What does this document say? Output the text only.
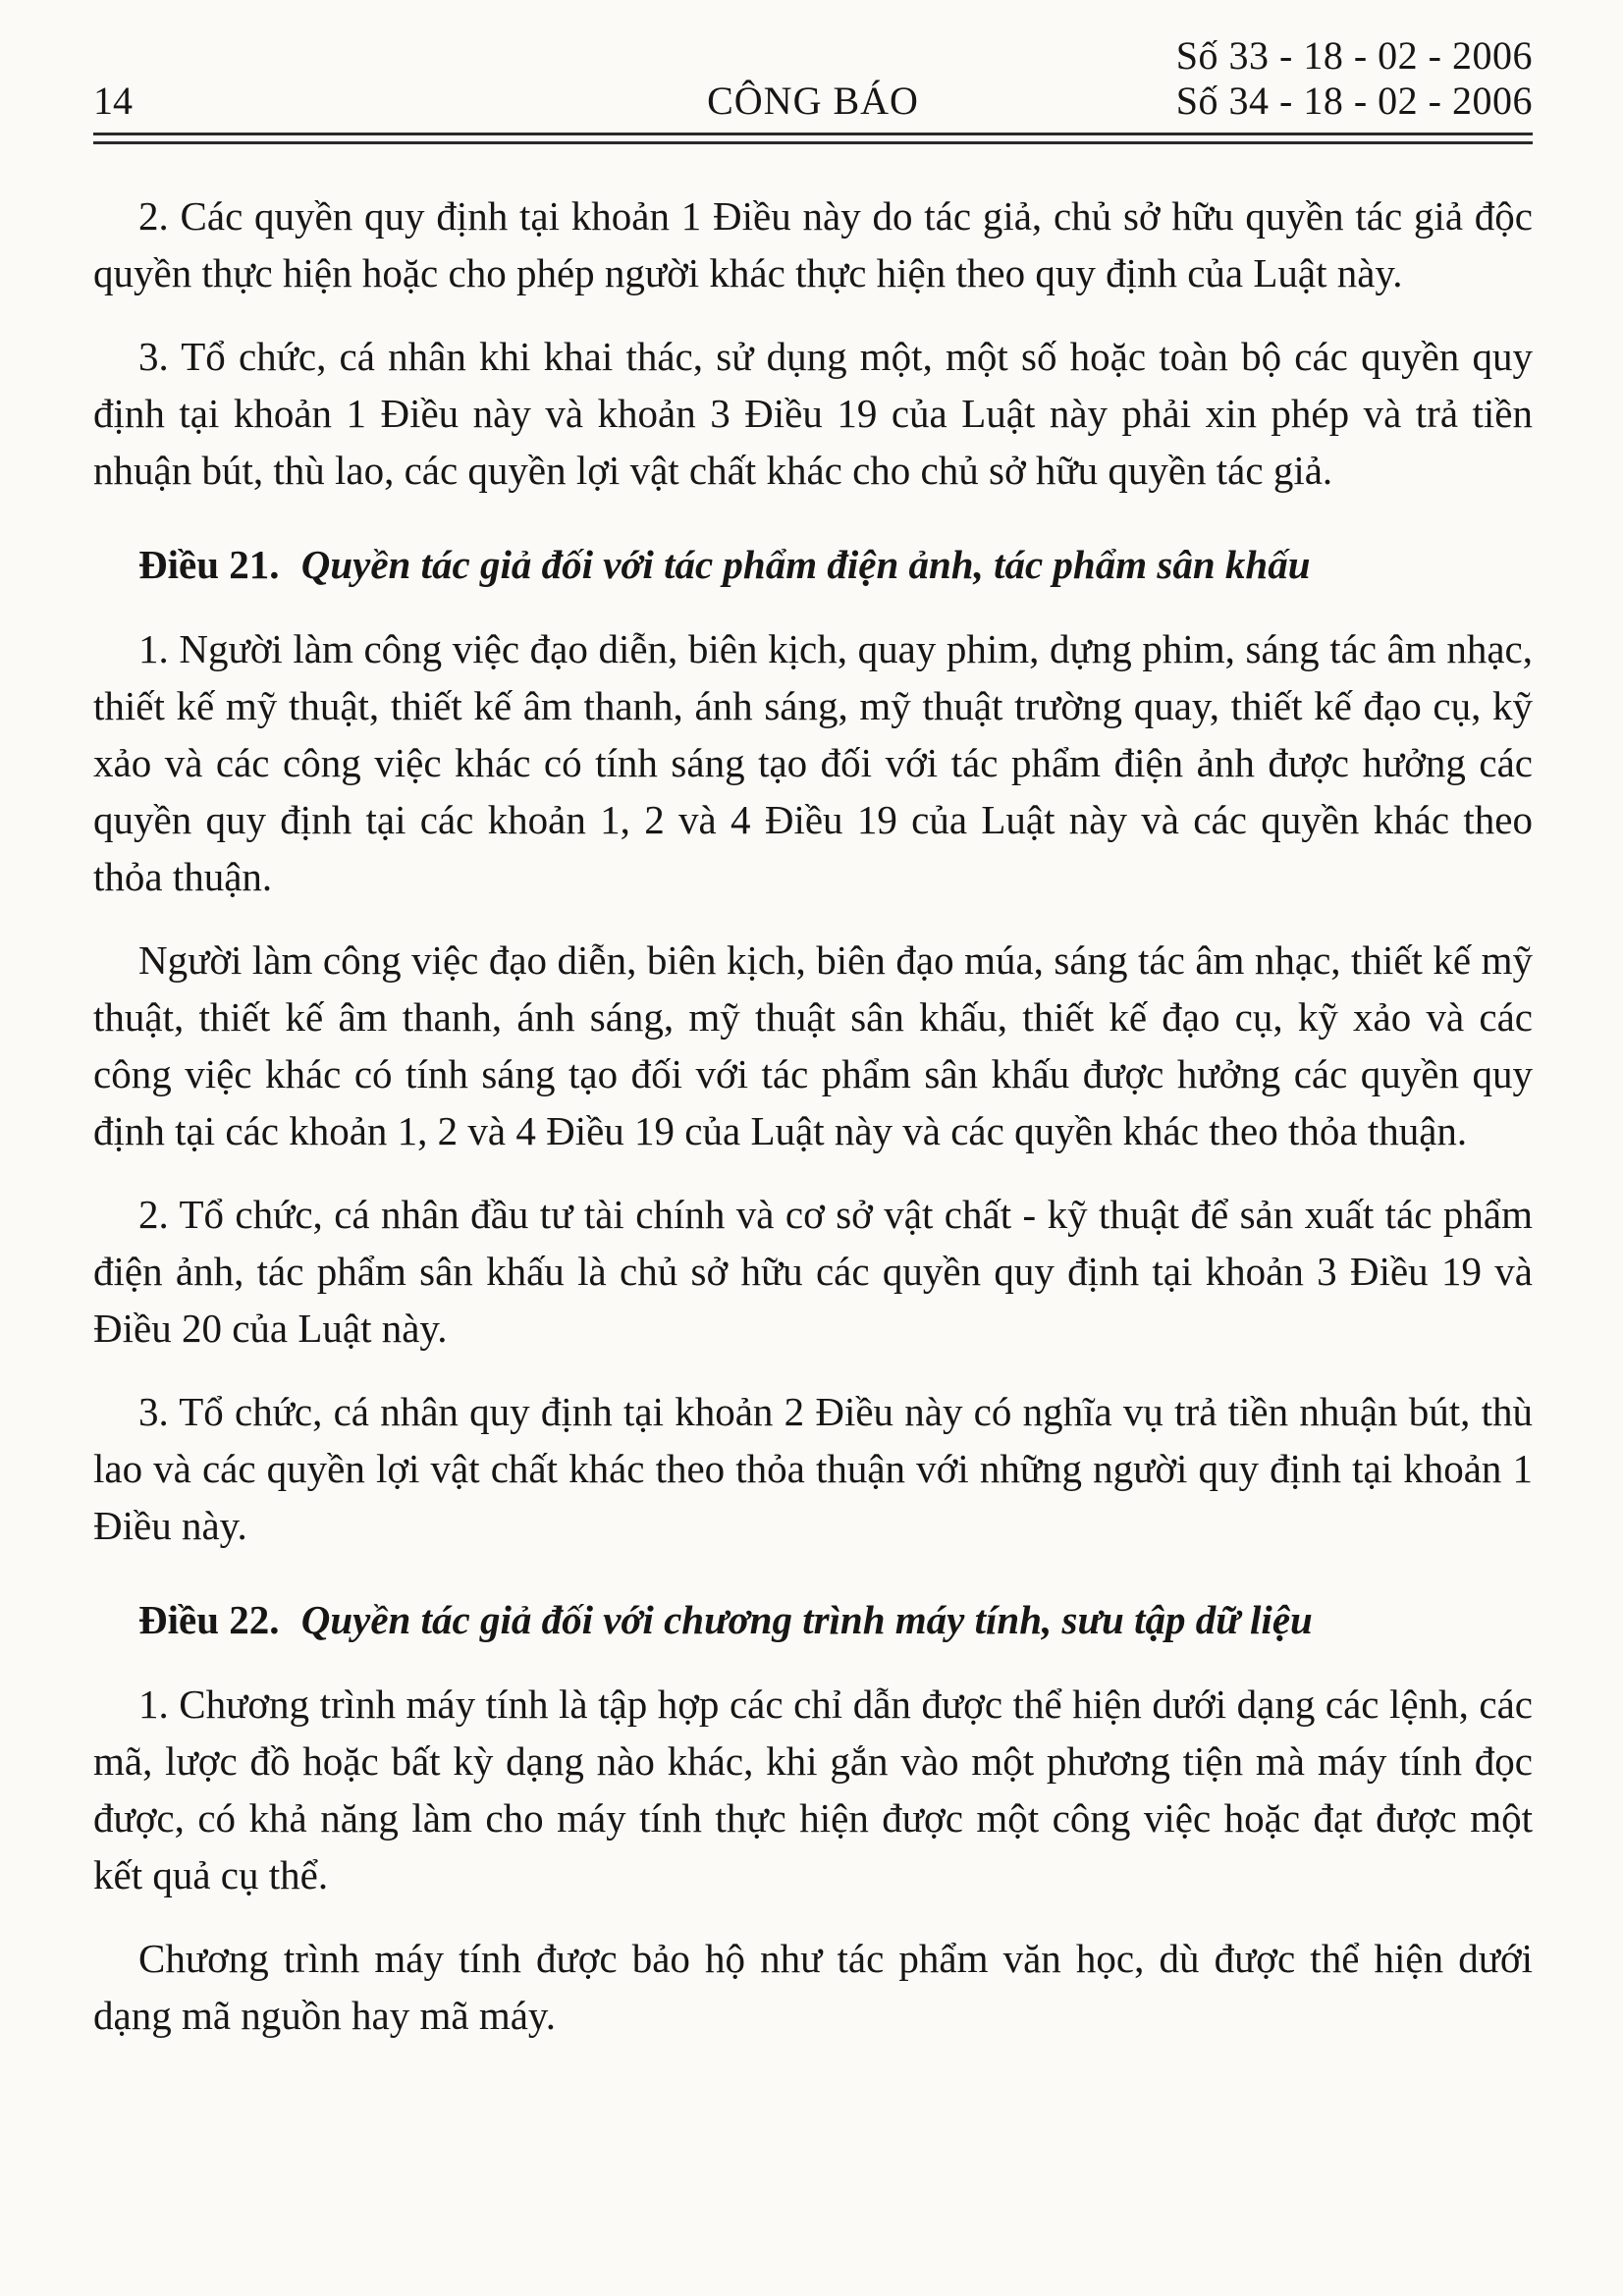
14	CÔNG BÁO
Số 33 - 18 - 02 - 2006
Số 34 - 18 - 02 - 2006

2. Các quyền quy định tại khoản 1 Điều này do tác giả, chủ sở hữu quyền tác giả độc quyền thực hiện hoặc cho phép người khác thực hiện theo quy định của Luật này.

3. Tổ chức, cá nhân khi khai thác, sử dụng một, một số hoặc toàn bộ các quyền quy định tại khoản 1 Điều này và khoản 3 Điều 19 của Luật này phải xin phép và trả tiền nhuận bút, thù lao, các quyền lợi vật chất khác cho chủ sở hữu quyền tác giả.

Điều 21. Quyền tác giả đối với tác phẩm điện ảnh, tác phẩm sân khấu

1. Người làm công việc đạo diễn, biên kịch, quay phim, dựng phim, sáng tác âm nhạc, thiết kế mỹ thuật, thiết kế âm thanh, ánh sáng, mỹ thuật trường quay, thiết kế đạo cụ, kỹ xảo và các công việc khác có tính sáng tạo đối với tác phẩm điện ảnh được hưởng các quyền quy định tại các khoản 1, 2 và 4 Điều 19 của Luật này và các quyền khác theo thỏa thuận.

Người làm công việc đạo diễn, biên kịch, biên đạo múa, sáng tác âm nhạc, thiết kế mỹ thuật, thiết kế âm thanh, ánh sáng, mỹ thuật sân khấu, thiết kế đạo cụ, kỹ xảo và các công việc khác có tính sáng tạo đối với tác phẩm sân khấu được hưởng các quyền quy định tại các khoản 1, 2 và 4 Điều 19 của Luật này và các quyền khác theo thỏa thuận.

2. Tổ chức, cá nhân đầu tư tài chính và cơ sở vật chất - kỹ thuật để sản xuất tác phẩm điện ảnh, tác phẩm sân khấu là chủ sở hữu các quyền quy định tại khoản 3 Điều 19 và Điều 20 của Luật này.

3. Tổ chức, cá nhân quy định tại khoản 2 Điều này có nghĩa vụ trả tiền nhuận bút, thù lao và các quyền lợi vật chất khác theo thỏa thuận với những người quy định tại khoản 1 Điều này.

Điều 22. Quyền tác giả đối với chương trình máy tính, sưu tập dữ liệu

1. Chương trình máy tính là tập hợp các chỉ dẫn được thể hiện dưới dạng các lệnh, các mã, lược đồ hoặc bất kỳ dạng nào khác, khi gắn vào một phương tiện mà máy tính đọc được, có khả năng làm cho máy tính thực hiện được một công việc hoặc đạt được một kết quả cụ thể.

Chương trình máy tính được bảo hộ như tác phẩm văn học, dù được thể hiện dưới dạng mã nguồn hay mã máy.
